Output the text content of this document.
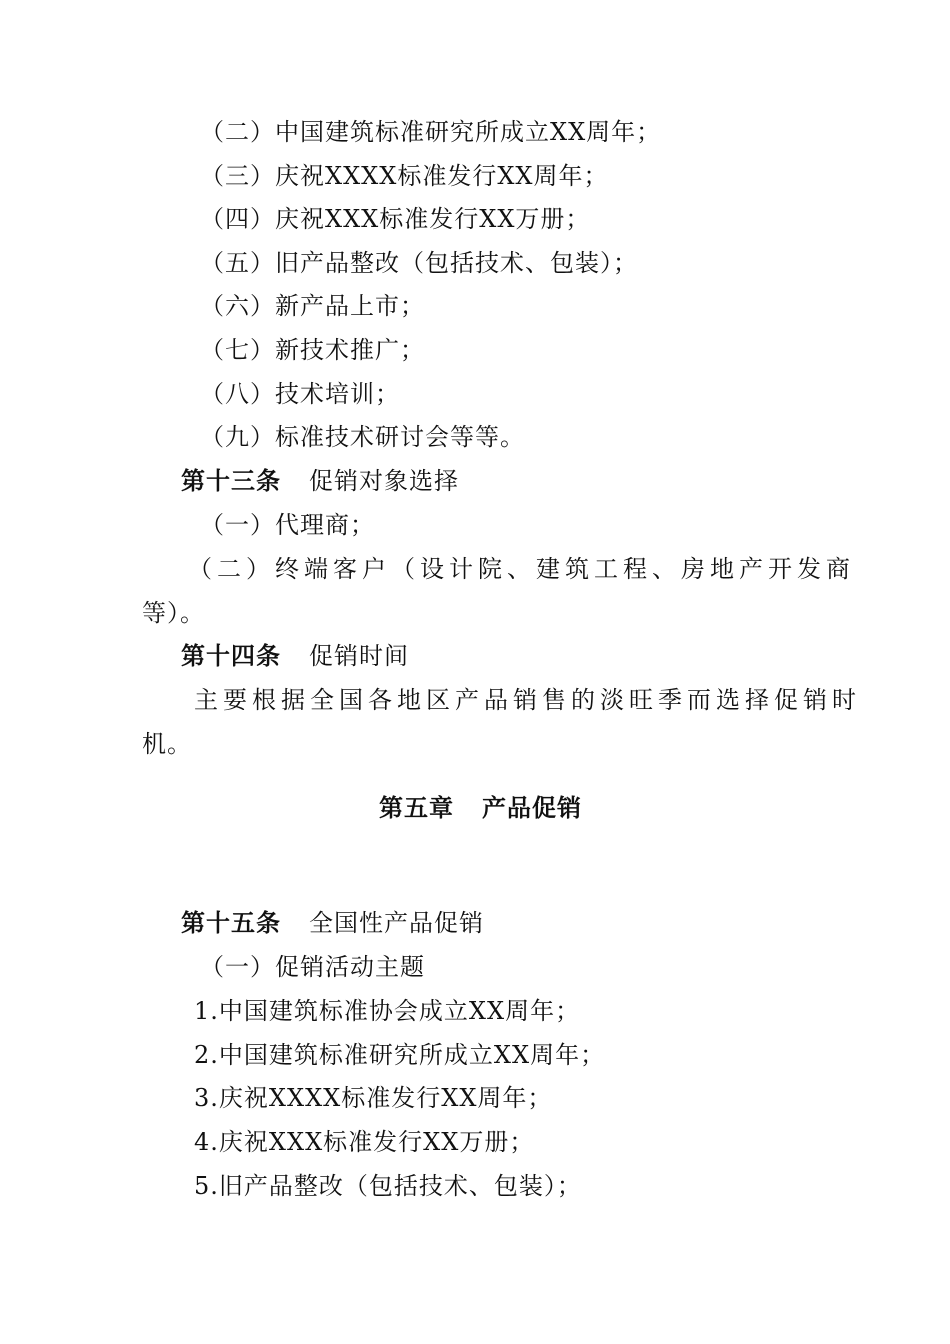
（二）中国建筑标准研究所成立XX周年；
（三）庆祝XXXX标准发行XX周年；
（四）庆祝XXX标准发行XX万册；
（五）旧产品整改（包括技术、包装）；
（六）新产品上市；
（七）新技术推广；
（八）技术培训；
（九）标准技术研讨会等等。
第十三条 促销对象选择
（一）代理商；
（二）终端客户（设计院、建筑工程、房地产开发商
等）。
第十四条 促销时间
主要根据全国各地区产品销售的淡旺季而选择促销时
机。
第五章 产品促销
第十五条 全国性产品促销
（一）促销活动主题
1.中国建筑标准协会成立XX周年；
2.中国建筑标准研究所成立XX周年；
3.庆祝XXXX标准发行XX周年；
4.庆祝XXX标准发行XX万册；
5.旧产品整改（包括技术、包装）；
